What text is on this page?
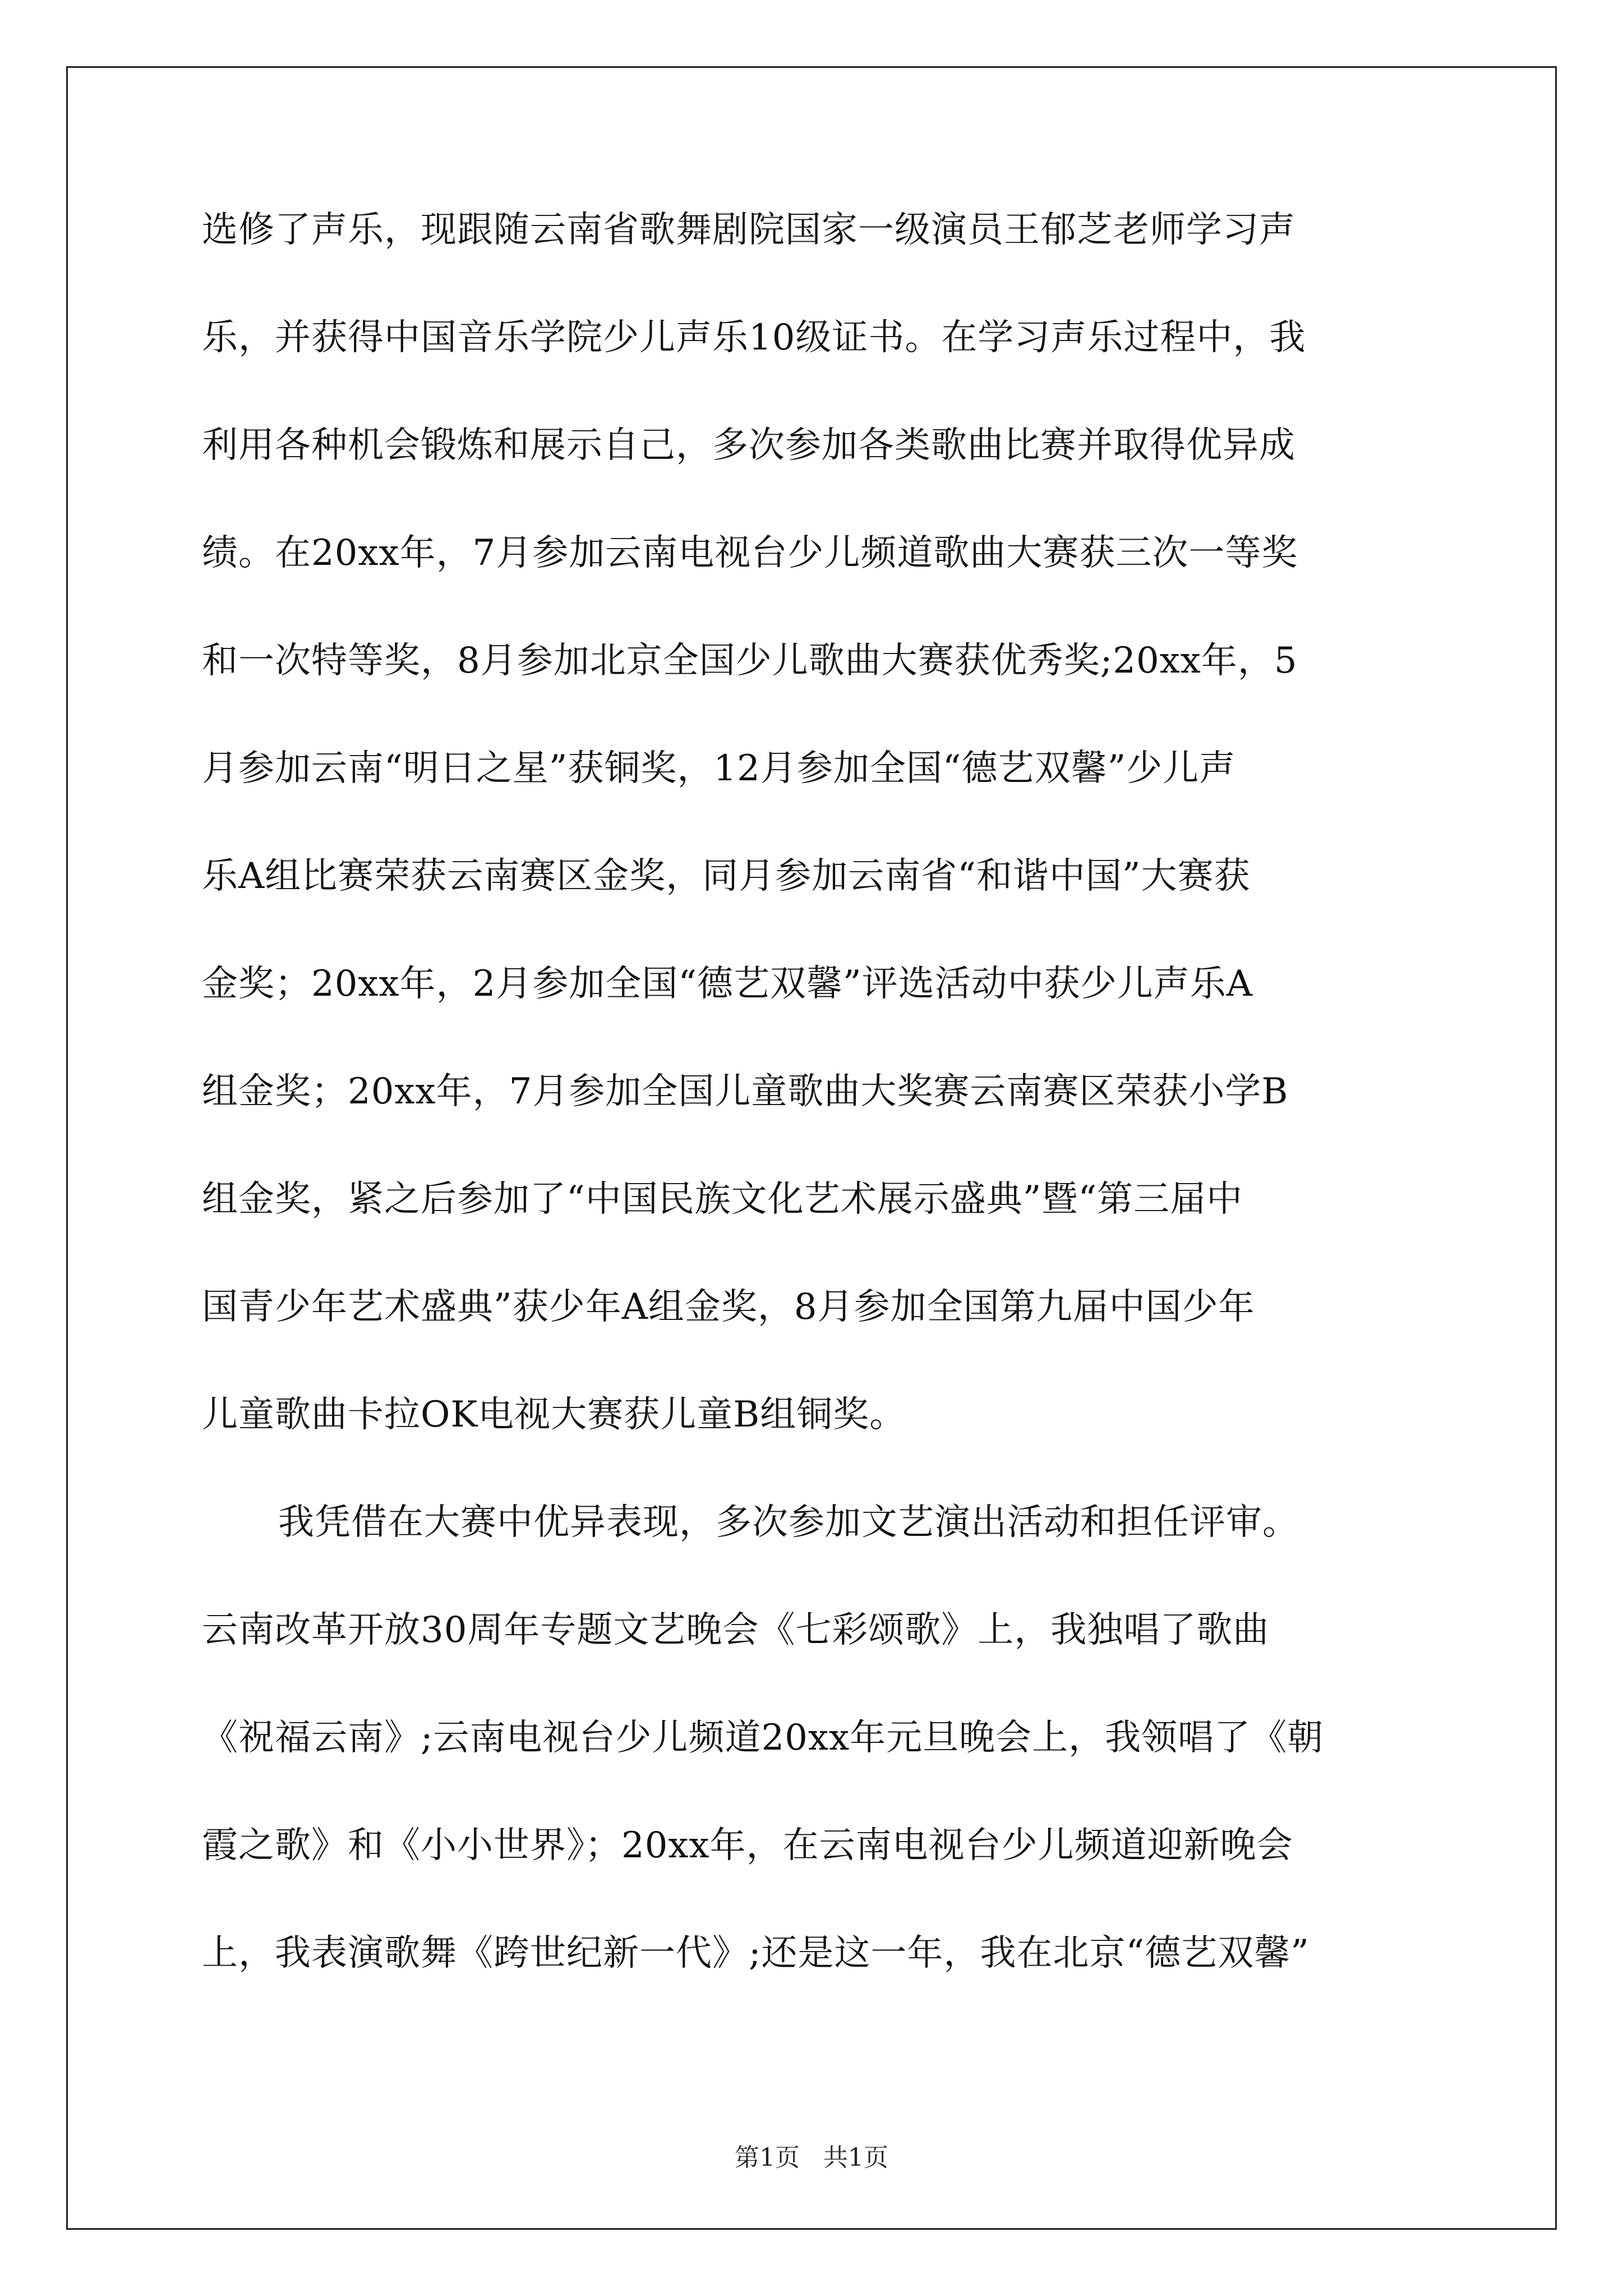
选修了声乐，现跟随云南省歌舞剧院国家一级演员王郁芝老师学习声
乐，并获得中国音乐学院少儿声乐10级证书。在学习声乐过程中，我
利用各种机会锻炼和展示自己，多次参加各类歌曲比赛并取得优异成
绩。在20xx年，7月参加云南电视台少儿频道歌曲大赛获三次一等奖
和一次特等奖，8月参加北京全国少儿歌曲大赛获优秀奖;20xx年，5
月参加云南“明日之星”获铜奖，12月参加全国“德艺双馨”少儿声
乐A组比赛荣获云南赛区金奖，同月参加云南省“和谐中国”大赛获
金奖；20xx年，2月参加全国“德艺双馨”评选活动中获少儿声乐A
组金奖；20xx年，7月参加全国儿童歌曲大奖赛云南赛区荣获小学B
组金奖，紧之后参加了“中国民族文化艺术展示盛典”暨“第三届中
国青少年艺术盛典”获少年A组金奖，8月参加全国第九届中国少年
儿童歌曲卡拉OK电视大赛获儿童B组铜奖。
我凭借在大赛中优异表现，多次参加文艺演出活动和担任评审。
云南改革开放30周年专题文艺晚会《七彩颂歌》上，我独唱了歌曲
《祝福云南》;云南电视台少儿频道20xx年元旦晚会上，我领唱了《朝
霞之歌》和《小小世界》；20xx年，在云南电视台少儿频道迎新晚会
上，我表演歌舞《跨世纪新一代》;还是这一年，我在北京“德艺双馨”
第1页 共1页
